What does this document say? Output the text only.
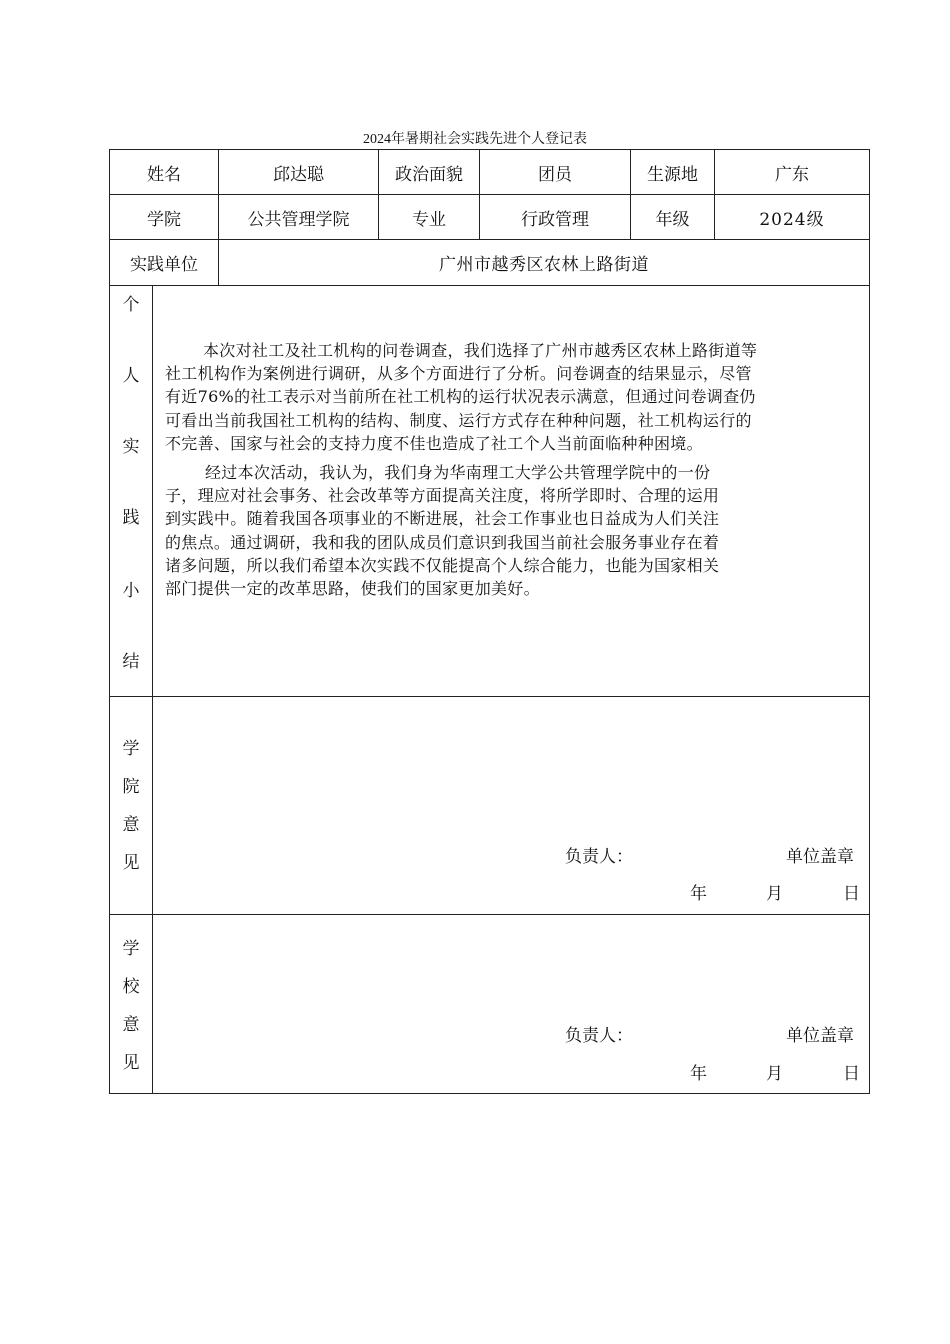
2024年暑期社会实践先进个人登记表
姓名	邱达聪	政治面貌	团员	生源地	广东
学院	公共管理学院	专业	行政管理	年级	2024级
实践单位	广州市越秀区农林上路街道
个
人
实
践
小
结

本次对社工及社工机构的问卷调查，我们选择了广州市越秀区农林上路街道等

社工机构作为案例进行调研，从多个方面进行了分析。问卷调查的结果显示，尽管

有近76%的社工表示对当前所在社工机构的运行状况表示满意，但通过问卷调查仍

可看出当前我国社工机构的结构、制度、运行方式存在种种问题，社工机构运行的

不完善、国家与社会的支持力度不佳也造成了社工个人当前面临种种困境。

经过本次活动，我认为，我们身为华南理工大学公共管理学院中的一份

子，理应对社会事务、社会改革等方面提高关注度，将所学即时、合理的运用

到实践中。随着我国各项事业的不断进展，社会工作事业也日益成为人们关注

的焦点。通过调研，我和我的团队成员们意识到我国当前社会服务事业存在着

诸多问题，所以我们希望本次实践不仅能提高个人综合能力，也能为国家相关

部门提供一定的改革思路，使我们的国家更加美好。

学
院
意
见	负责人：	单位盖章
年	月	日
学
校
意
见
负责人：	单位盖章
年	月	日
